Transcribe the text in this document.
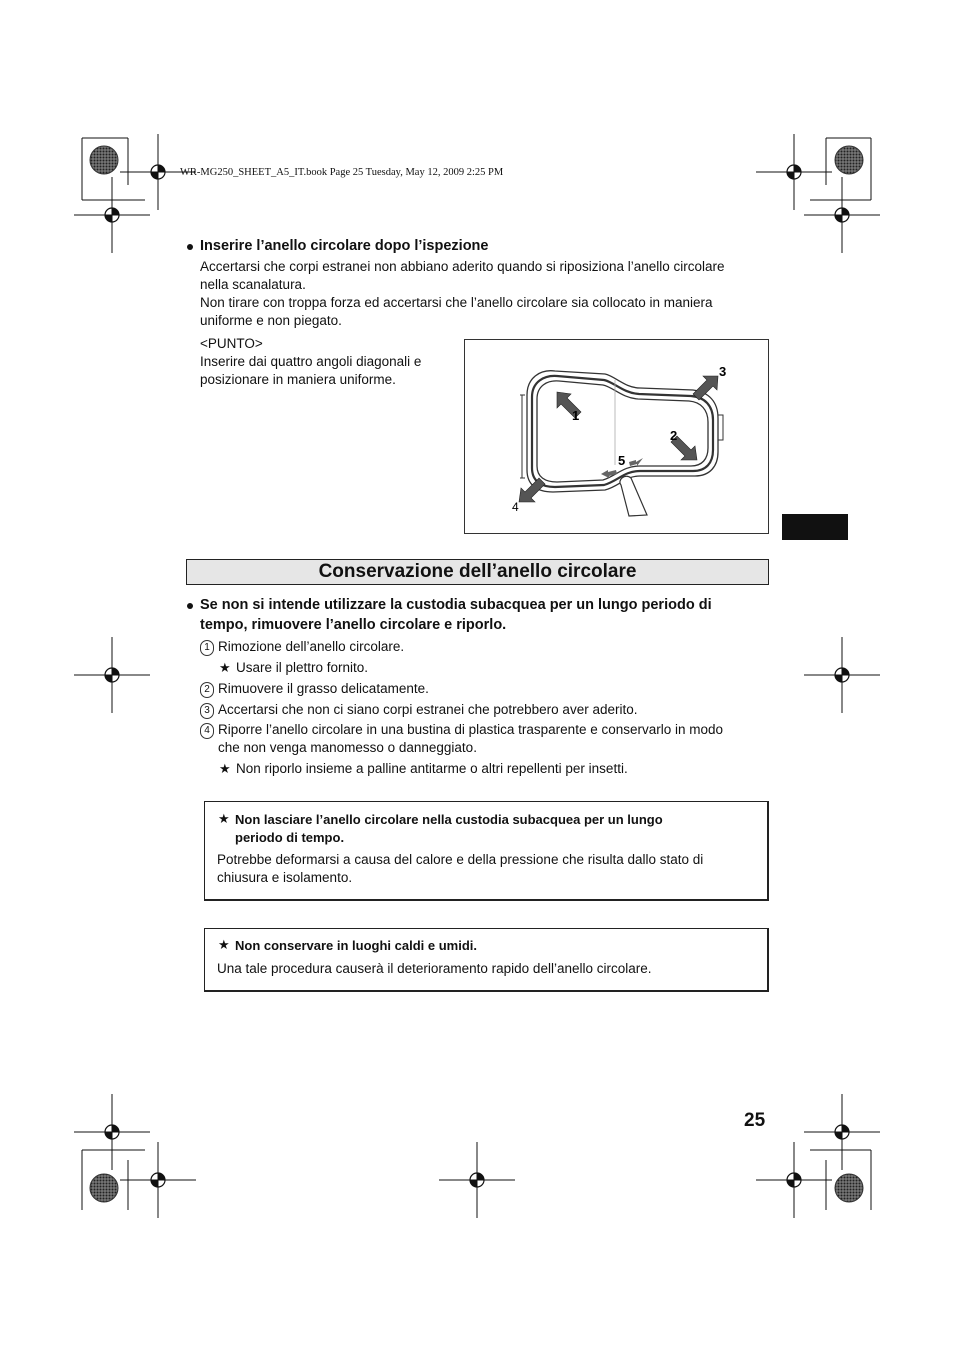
WR-MG250_SHEET_A5_IT.book Page 25 Tuesday, May 12, 2009 2:25 PM
Inserire l’anello circolare dopo l’ispezione
Accertarsi che corpi estranei non abbiano aderito quando si riposiziona l’anello circolare
nella scanalatura.
Non tirare con troppa forza ed accertarsi che l’anello circolare sia collocato in maniera
uniforme e non piegato.
<PUNTO>
Inserire dai quattro angoli diagonali e
posizionare in maniera uniforme.
1
2
3
4
5
Conservazione dell’anello circolare
Se non si intende utilizzare la custodia subacquea per un lungo periodo di
tempo, rimuovere l’anello circolare e riporlo.
1 Rimozione dell’anello circolare.
★ Usare il plettro fornito.
2 Rimuovere il grasso delicatamente.
3 Accertarsi che non ci siano corpi estranei che potrebbero aver aderito.
4 Riporre l’anello circolare in una bustina di plastica trasparente e conservarlo in modo
che non venga manomesso o danneggiato.
★ Non riporlo insieme a palline antitarme o altri repellenti per insetti.
★ Non lasciare l’anello circolare nella custodia subacquea per un lungo
periodo di tempo.
Potrebbe deformarsi a causa del calore e della pressione che risulta dallo stato di
chiusura e isolamento.
★ Non conservare in luoghi caldi e umidi.
Una tale procedura causerà il deterioramento rapido dell’anello circolare.
25
